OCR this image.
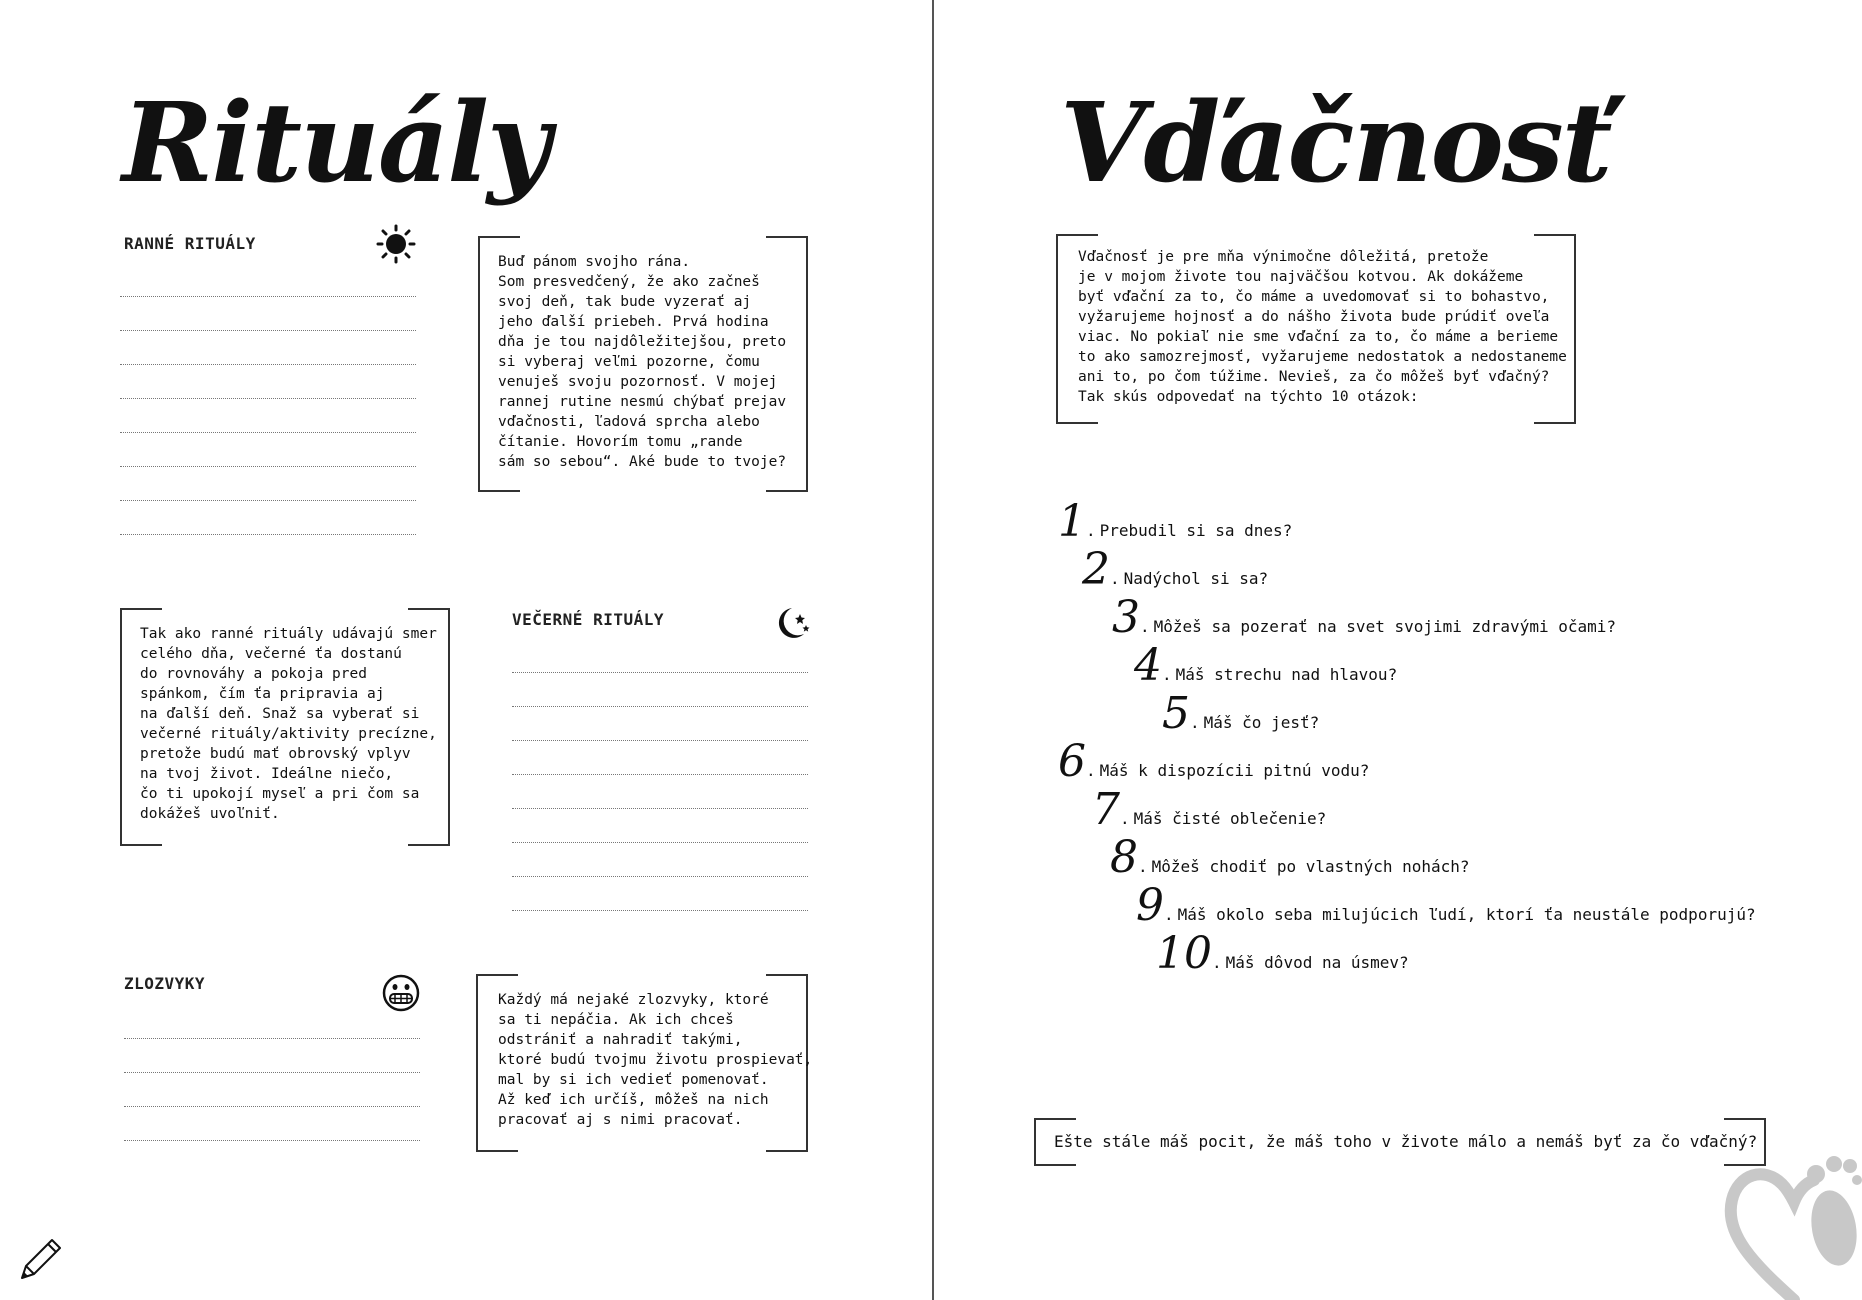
Rituály
RANNÉ RITUÁLY
Buď pánom svojho rána.
Som presvedčený, že ako začneš
svoj deň, tak bude vyzerať aj
jeho ďalší priebeh. Prvá hodina
dňa je tou najdôležitejšou, preto
si vyberaj veľmi pozorne, čomu
venuješ svoju pozornosť. V mojej
rannej rutine nesmú chýbať prejav
vďačnosti, ľadová sprcha alebo
čítanie. Hovorím tomu „rande
sám so sebou“. Aké bude to tvoje?
Tak ako ranné rituály udávajú smer
celého dňa, večerné ťa dostanú
do rovnováhy a pokoja pred
spánkom, čím ťa pripravia aj
na ďalší deň. Snaž sa vyberať si
večerné rituály/aktivity precízne,
pretože budú mať obrovský vplyv
na tvoj život. Ideálne niečo,
čo ti upokojí myseľ a pri čom sa
dokážeš uvoľniť.
VEČERNÉ RITUÁLY
ZLOZVYKY
Každý má nejaké zlozvyky, ktoré
sa ti nepáčia. Ak ich chceš
odstrániť a nahradiť takými,
ktoré budú tvojmu životu prospievať,
mal by si ich vedieť pomenovať.
Až keď ich určíš, môžeš na nich
pracovať aj s nimi pracovať.
Vďačnosť
Vďačnosť je pre mňa výnimočne dôležitá, pretože
je v mojom živote tou najväčšou kotvou. Ak dokážeme
byť vďační za to, čo máme a uvedomovať si to bohastvo,
vyžarujeme hojnosť a do nášho života bude prúdiť oveľa
viac. No pokiaľ nie sme vďační za to, čo máme a berieme
to ako samozrejmosť, vyžarujeme nedostatok a nedostaneme
ani to, po čom túžime. Nevieš, za čo môžeš byť vďačný?
Tak skús odpovedať na týchto 10 otázok:
1 . Prebudil si sa dnes?
2 . Nadýchol si sa?
3 . Môžeš sa pozerať na svet svojimi zdravými očami?
4 . Máš strechu nad hlavou?
5 . Máš čo jesť?
6 . Máš k dispozícii pitnú vodu?
7 . Máš čisté oblečenie?
8 . Môžeš chodiť po vlastných nohách?
9 . Máš okolo seba milujúcich ľudí, ktorí ťa neustále podporujú?
10 . Máš dôvod na úsmev?
Ešte stále máš pocit, že máš toho v živote málo a nemáš byť za čo vďačný?
